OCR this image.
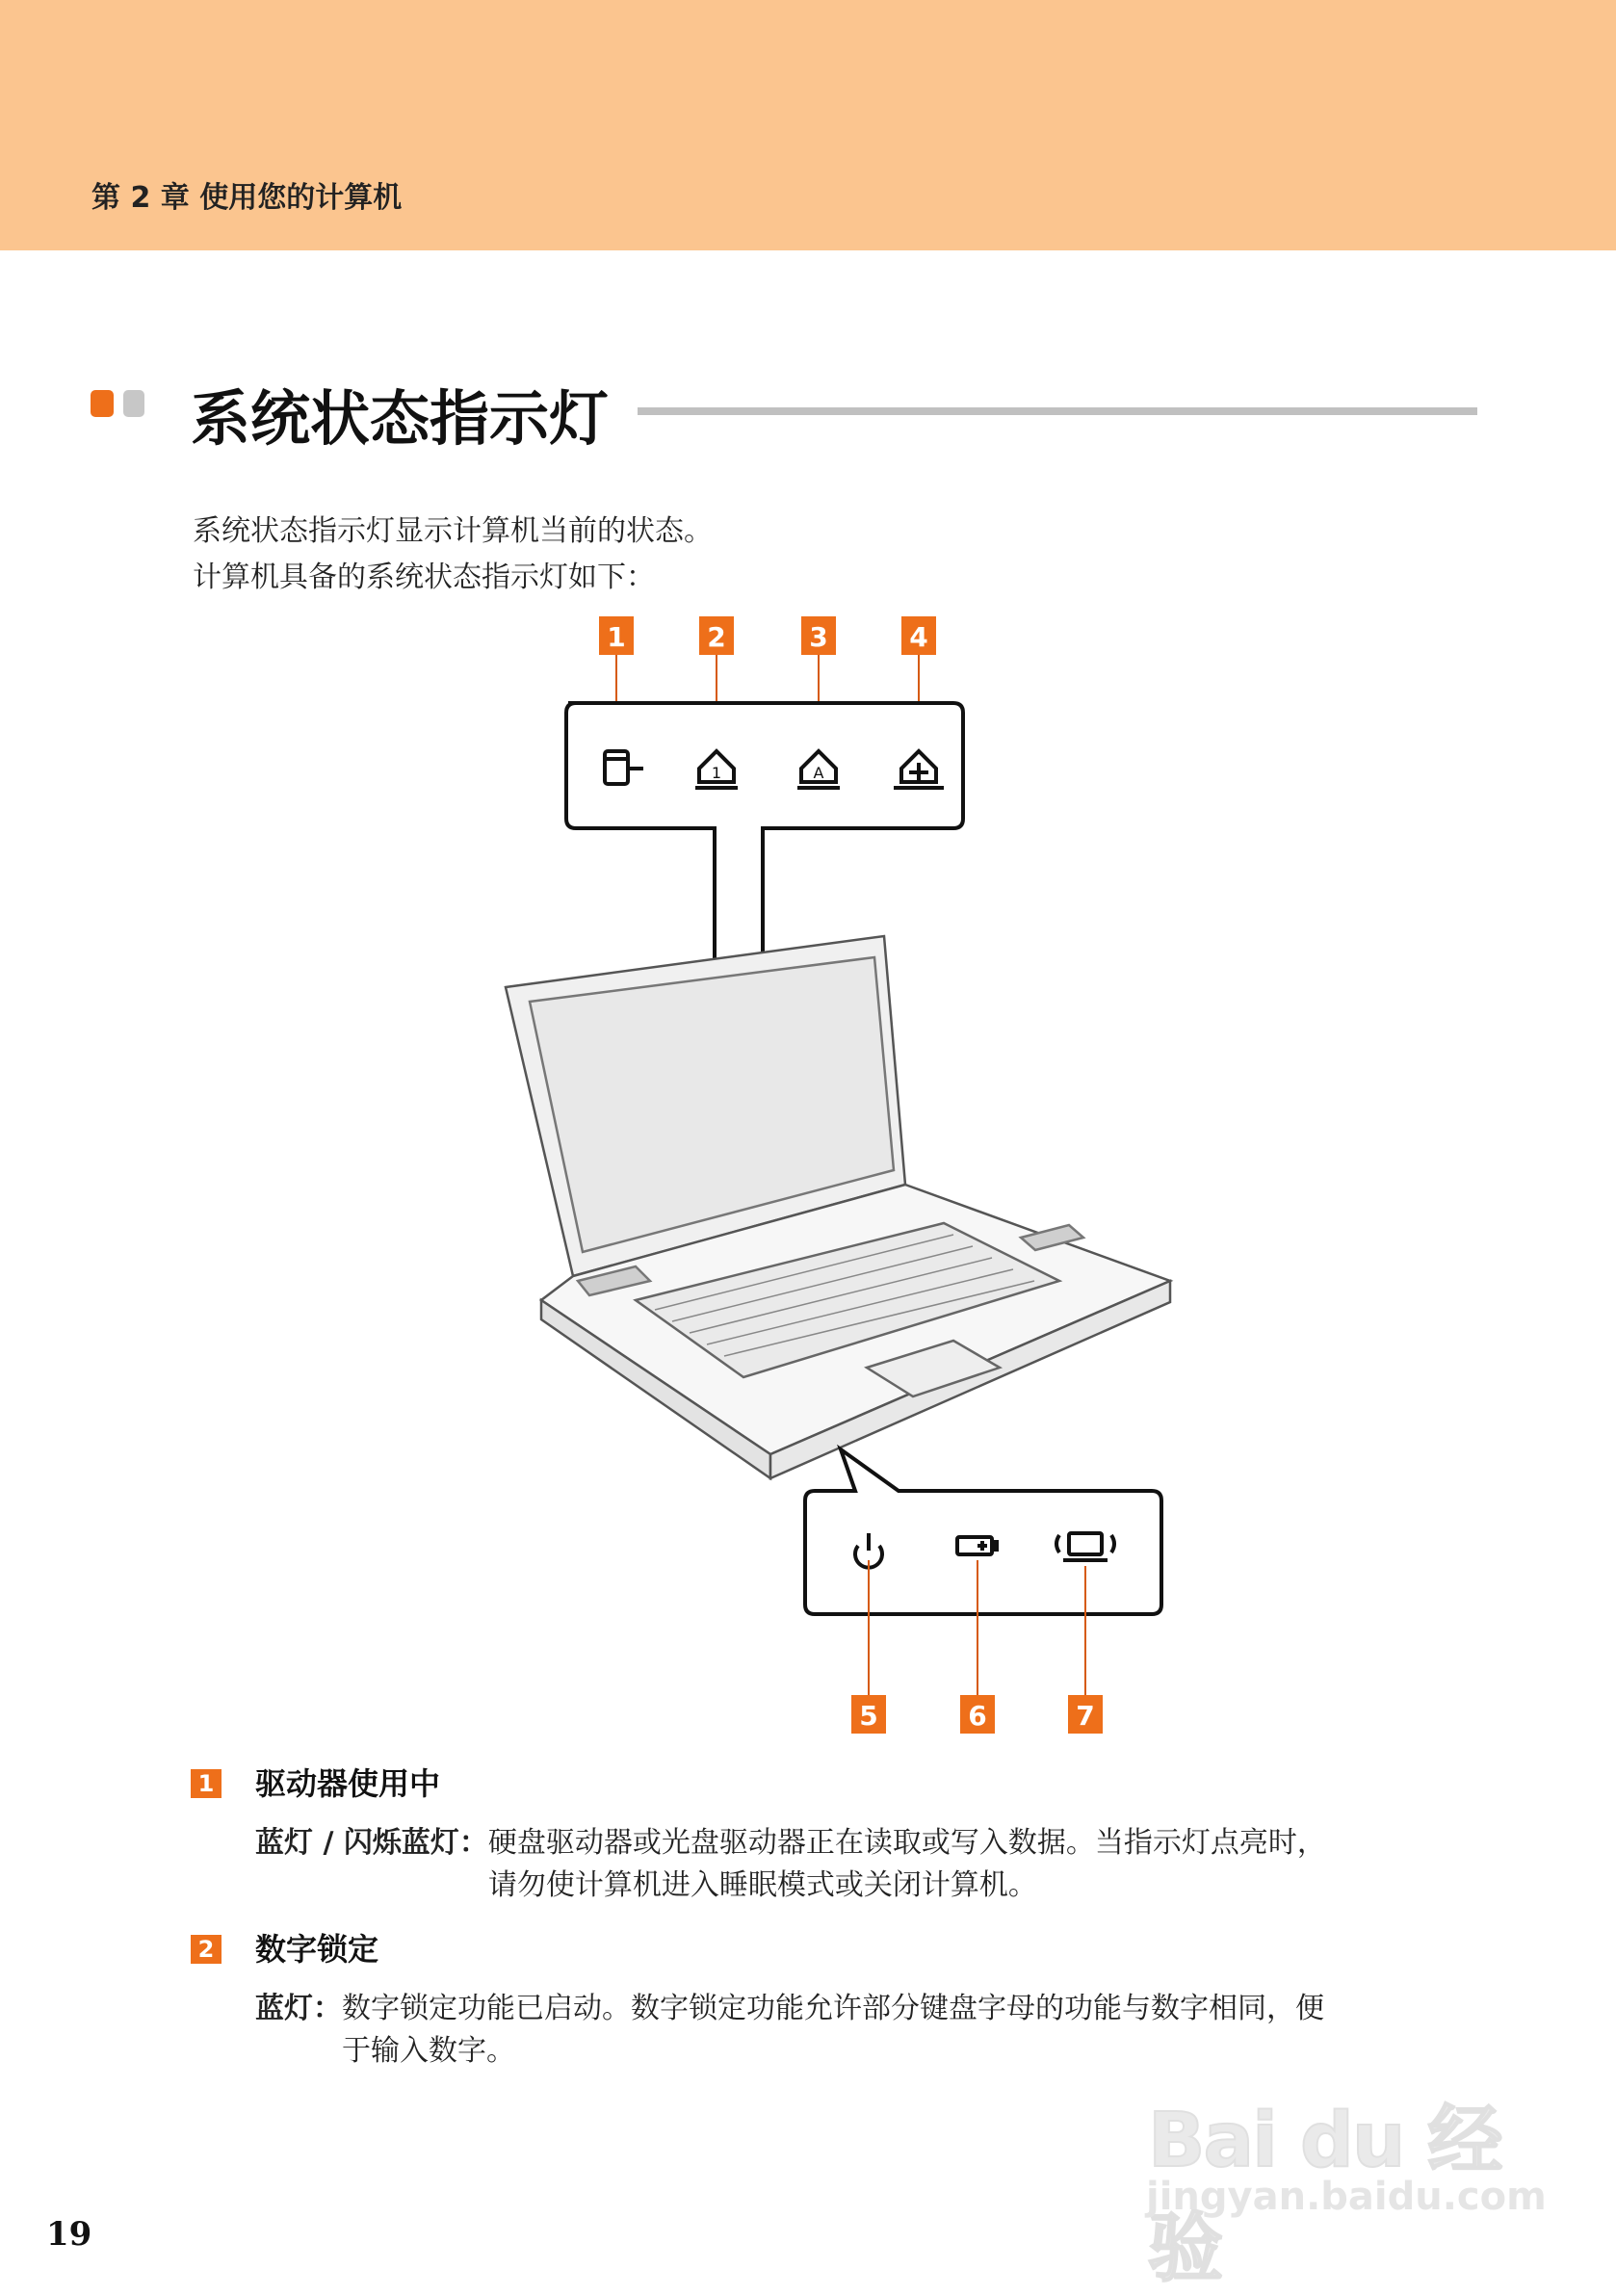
第 2 章 使用您的计算机
系统状态指示灯
系统状态指示灯显示计算机当前的状态。
计算机具备的系统状态指示灯如下：
1	2	3	4
1	A
5	6	7
1 驱动器使用中
蓝灯 / 闪烁蓝灯： 硬盘驱动器或光盘驱动器正在读取或写入数据。当指示灯点亮时，
请勿使计算机进入睡眠模式或关闭计算机。
2 数字锁定
蓝灯： 数字锁定功能已启动。数字锁定功能允许部分键盘字母的功能与数字相同，便
于输入数字。
19
Bai du 经验
jingyan.baidu.com
